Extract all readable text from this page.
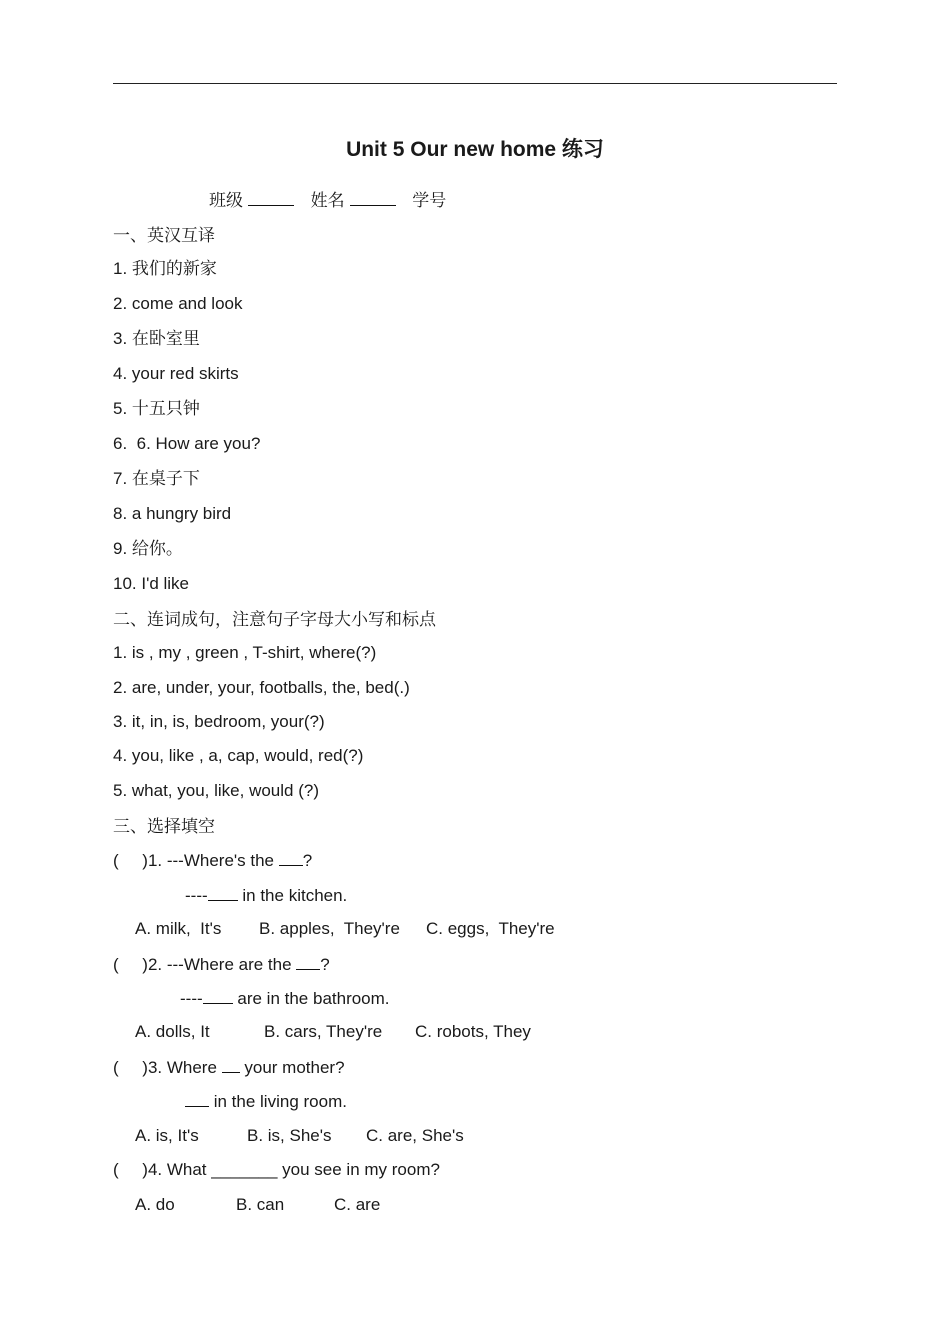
Unit 5 Our new home 练习
班级	姓名	学号
一、英汉互译
1. 我们的新家
2. come and look
3. 在卧室里
4. your red skirts
5. 十五只钟
6.  6. How are you?
7. 在桌子下
8. a hungry bird
9. 给你。
10. I'd like
二、连词成句，注意句子字母大小写和标点
1. is , my , green , T-shirt, where(?)
2. are, under, your, footballs, the, bed(.)
3. it, in, is, bedroom, your(?)
4. you, like , a, cap, would, red(?)
5. what, you, like, would (?)
三、选择填空
(     )1. ---Where's the ?
---- in the kitchen.
A. milk,  It's B. apples,  They're C. eggs,  They're
(     )2. ---Where are the ?
---- are in the bathroom.
A. dolls, It	B. cars, They're C. robots, They
(     )3. Where  your mother?
in the living room.
A. is, It's	B. is, She's C. are, She's
(     )4. What _______ you see in my room?
A. do	B. can	C. are
